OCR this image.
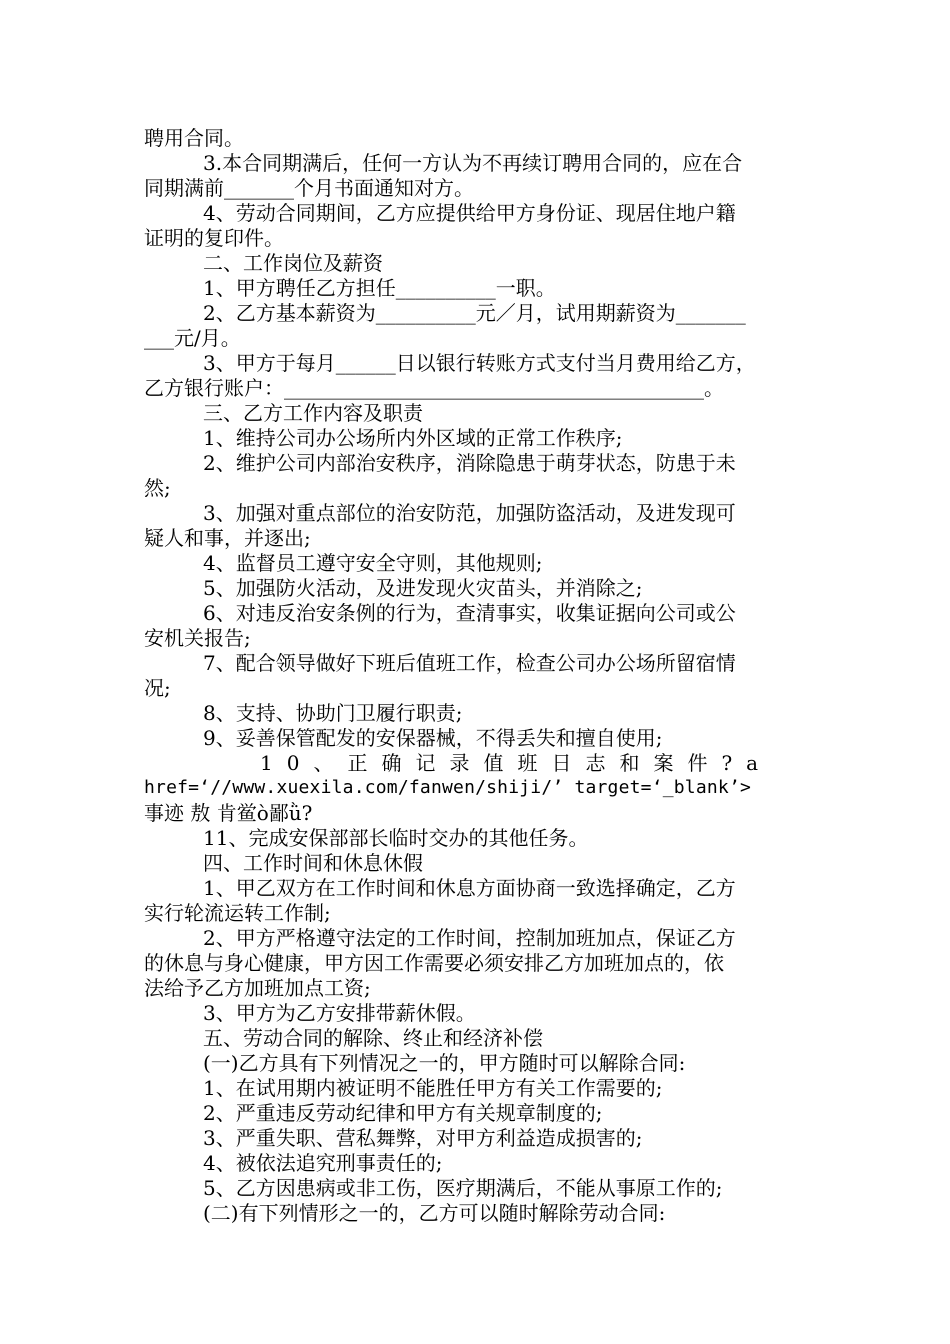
聘用合同。
3.本合同期满后，任何一方认为不再续订聘用合同的，应在合
同期满前_______个月书面通知对方。
4、劳动合同期间，乙方应提供给甲方身份证、现居住地户籍
证明的复印件。
二、工作岗位及薪资
1、甲方聘任乙方担任__________一职。
2、乙方基本薪资为__________元／月，试用期薪资为_______
___元/月。
3、甲方于每月______日以银行转账方式支付当月费用给乙方，
乙方银行账户：__________________________________________。
三、乙方工作内容及职责
1、维持公司办公场所内外区域的正常工作秩序;
2、维护公司内部治安秩序，消除隐患于萌芽状态，防患于未
然;
3、加强对重点部位的治安防范，加强防盗活动，及进发现可
疑人和事，并逐出;
4、监督员工遵守安全守则，其他规则;
5、加强防火活动，及进发现火灾苗头，并消除之;
6、对违反治安条例的行为，查清事实，收集证据向公司或公
安机关报告;
7、配合领导做好下班后值班工作，检查公司办公场所留宿情
况;
8、支持、协助门卫履行职责;
9、妥善保管配发的安保器械，不得丢失和擅自使用;
10、正确记录值班日志和案件?a
href=‘//www.xuexila.com/fanwen/shiji/’ target=‘_blank’>
事迹 敖 肯鲎ò鄙ǜ?
11、完成安保部部长临时交办的其他任务。
四、工作时间和休息休假
1、甲乙双方在工作时间和休息方面协商一致选择确定，乙方
实行轮流运转工作制;
2、甲方严格遵守法定的工作时间，控制加班加点，保证乙方
的休息与身心健康，甲方因工作需要必须安排乙方加班加点的，依
法给予乙方加班加点工资;
3、甲方为乙方安排带薪休假。
五、劳动合同的解除、终止和经济补偿
(一)乙方具有下列情况之一的，甲方随时可以解除合同:
1、在试用期内被证明不能胜任甲方有关工作需要的;
2、严重违反劳动纪律和甲方有关规章制度的;
3、严重失职、营私舞弊，对甲方利益造成损害的;
4、被依法追究刑事责任的;
5、乙方因患病或非工伤，医疗期满后，不能从事原工作的;
(二)有下列情形之一的，乙方可以随时解除劳动合同:
